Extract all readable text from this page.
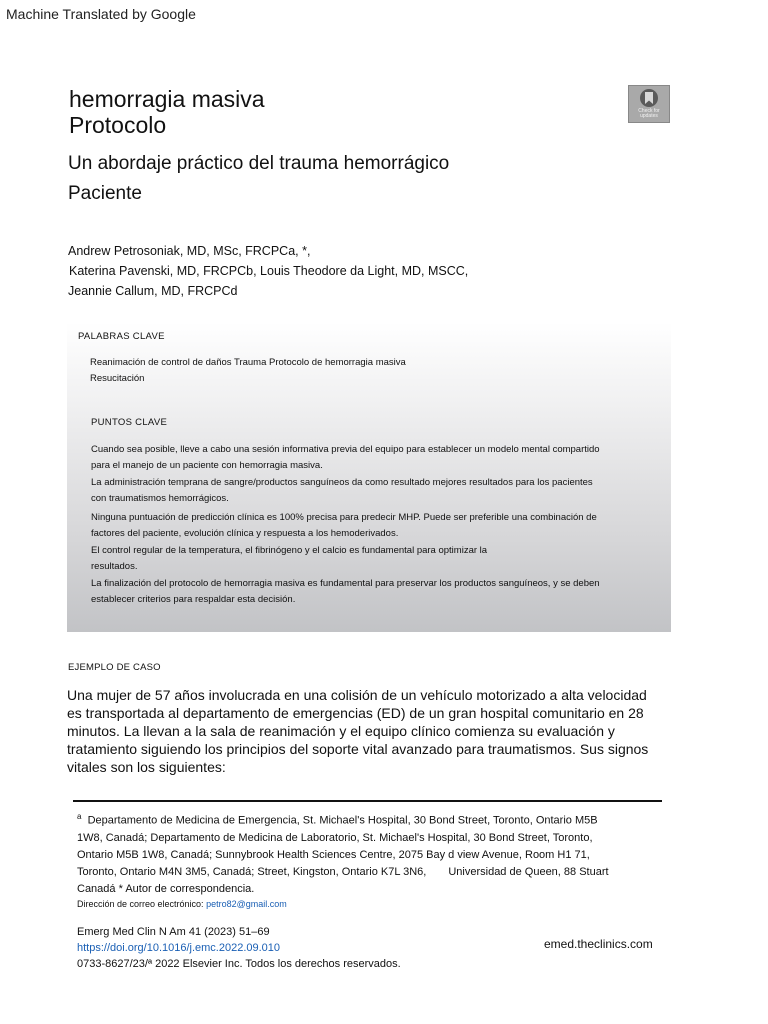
Machine Translated by Google
hemorragia masiva
Protocolo
Check for
updates
Un abordaje práctico del trauma hemorrágico
Paciente
Andrew Petrosoniak, MD, MSc, FRCPCa, *,
Katerina Pavenski, MD, FRCPCb, Louis Theodore da Light, MD, MSCC,
Jeannie Callum, MD, FRCPCd
PALABRAS CLAVE
Reanimación de control de daños Trauma Protocolo de hemorragia masiva
Resucitación
PUNTOS CLAVE
Cuando sea posible, lleve a cabo una sesión informativa previa del equipo para establecer un modelo mental compartido
para el manejo de un paciente con hemorragia masiva.
La administración temprana de sangre/productos sanguíneos da como resultado mejores resultados para los pacientes
con traumatismos hemorrágicos.
Ninguna puntuación de predicción clínica es 100% precisa para predecir MHP. Puede ser preferible una combinación de
factores del paciente, evolución clínica y respuesta a los hemoderivados.
El control regular de la temperatura, el fibrinógeno y el calcio es fundamental para optimizar la
resultados.
La finalización del protocolo de hemorragia masiva es fundamental para preservar los productos sanguíneos, y se deben
establecer criterios para respaldar esta decisión.
EJEMPLO DE CASO
Una mujer de 57 años involucrada en una colisión de un vehículo motorizado a alta velocidad
es transportada al departamento de emergencias (ED) de un gran hospital comunitario en 28
minutos. La llevan a la sala de reanimación y el equipo clínico comienza su evaluación y
tratamiento siguiendo los principios del soporte vital avanzado para traumatismos. Sus signos
vitales son los siguientes:
$^a$ Departamento de Medicina de Emergencia, St. Michael's Hospital, 30 Bond Street, Toronto, Ontario M5B
1W8, Canadá; Departamento de Medicina de Laboratorio, St. Michael's Hospital, 30 Bond Street, Toronto,
Ontario M5B 1W8, Canadá; Sunnybrook Health Sciences Centre, 2075 Bay d view Avenue, Room H1 71,
Toronto, Ontario M4N 3M5, Canadá; Street, Kingston, Ontario K7L 3N6, Universidad de Queen, 88 Stuart
Canadá * Autor de correspondencia.
Dirección de correo electrónico: petro82@gmail.com
Emerg Med Clin N Am 41 (2023) 51–69
https://doi.org/10.1016/j.emc.2022.09.010
0733-8627/23/ª 2022 Elsevier Inc. Todos los derechos reservados.
emed.theclinics.com
